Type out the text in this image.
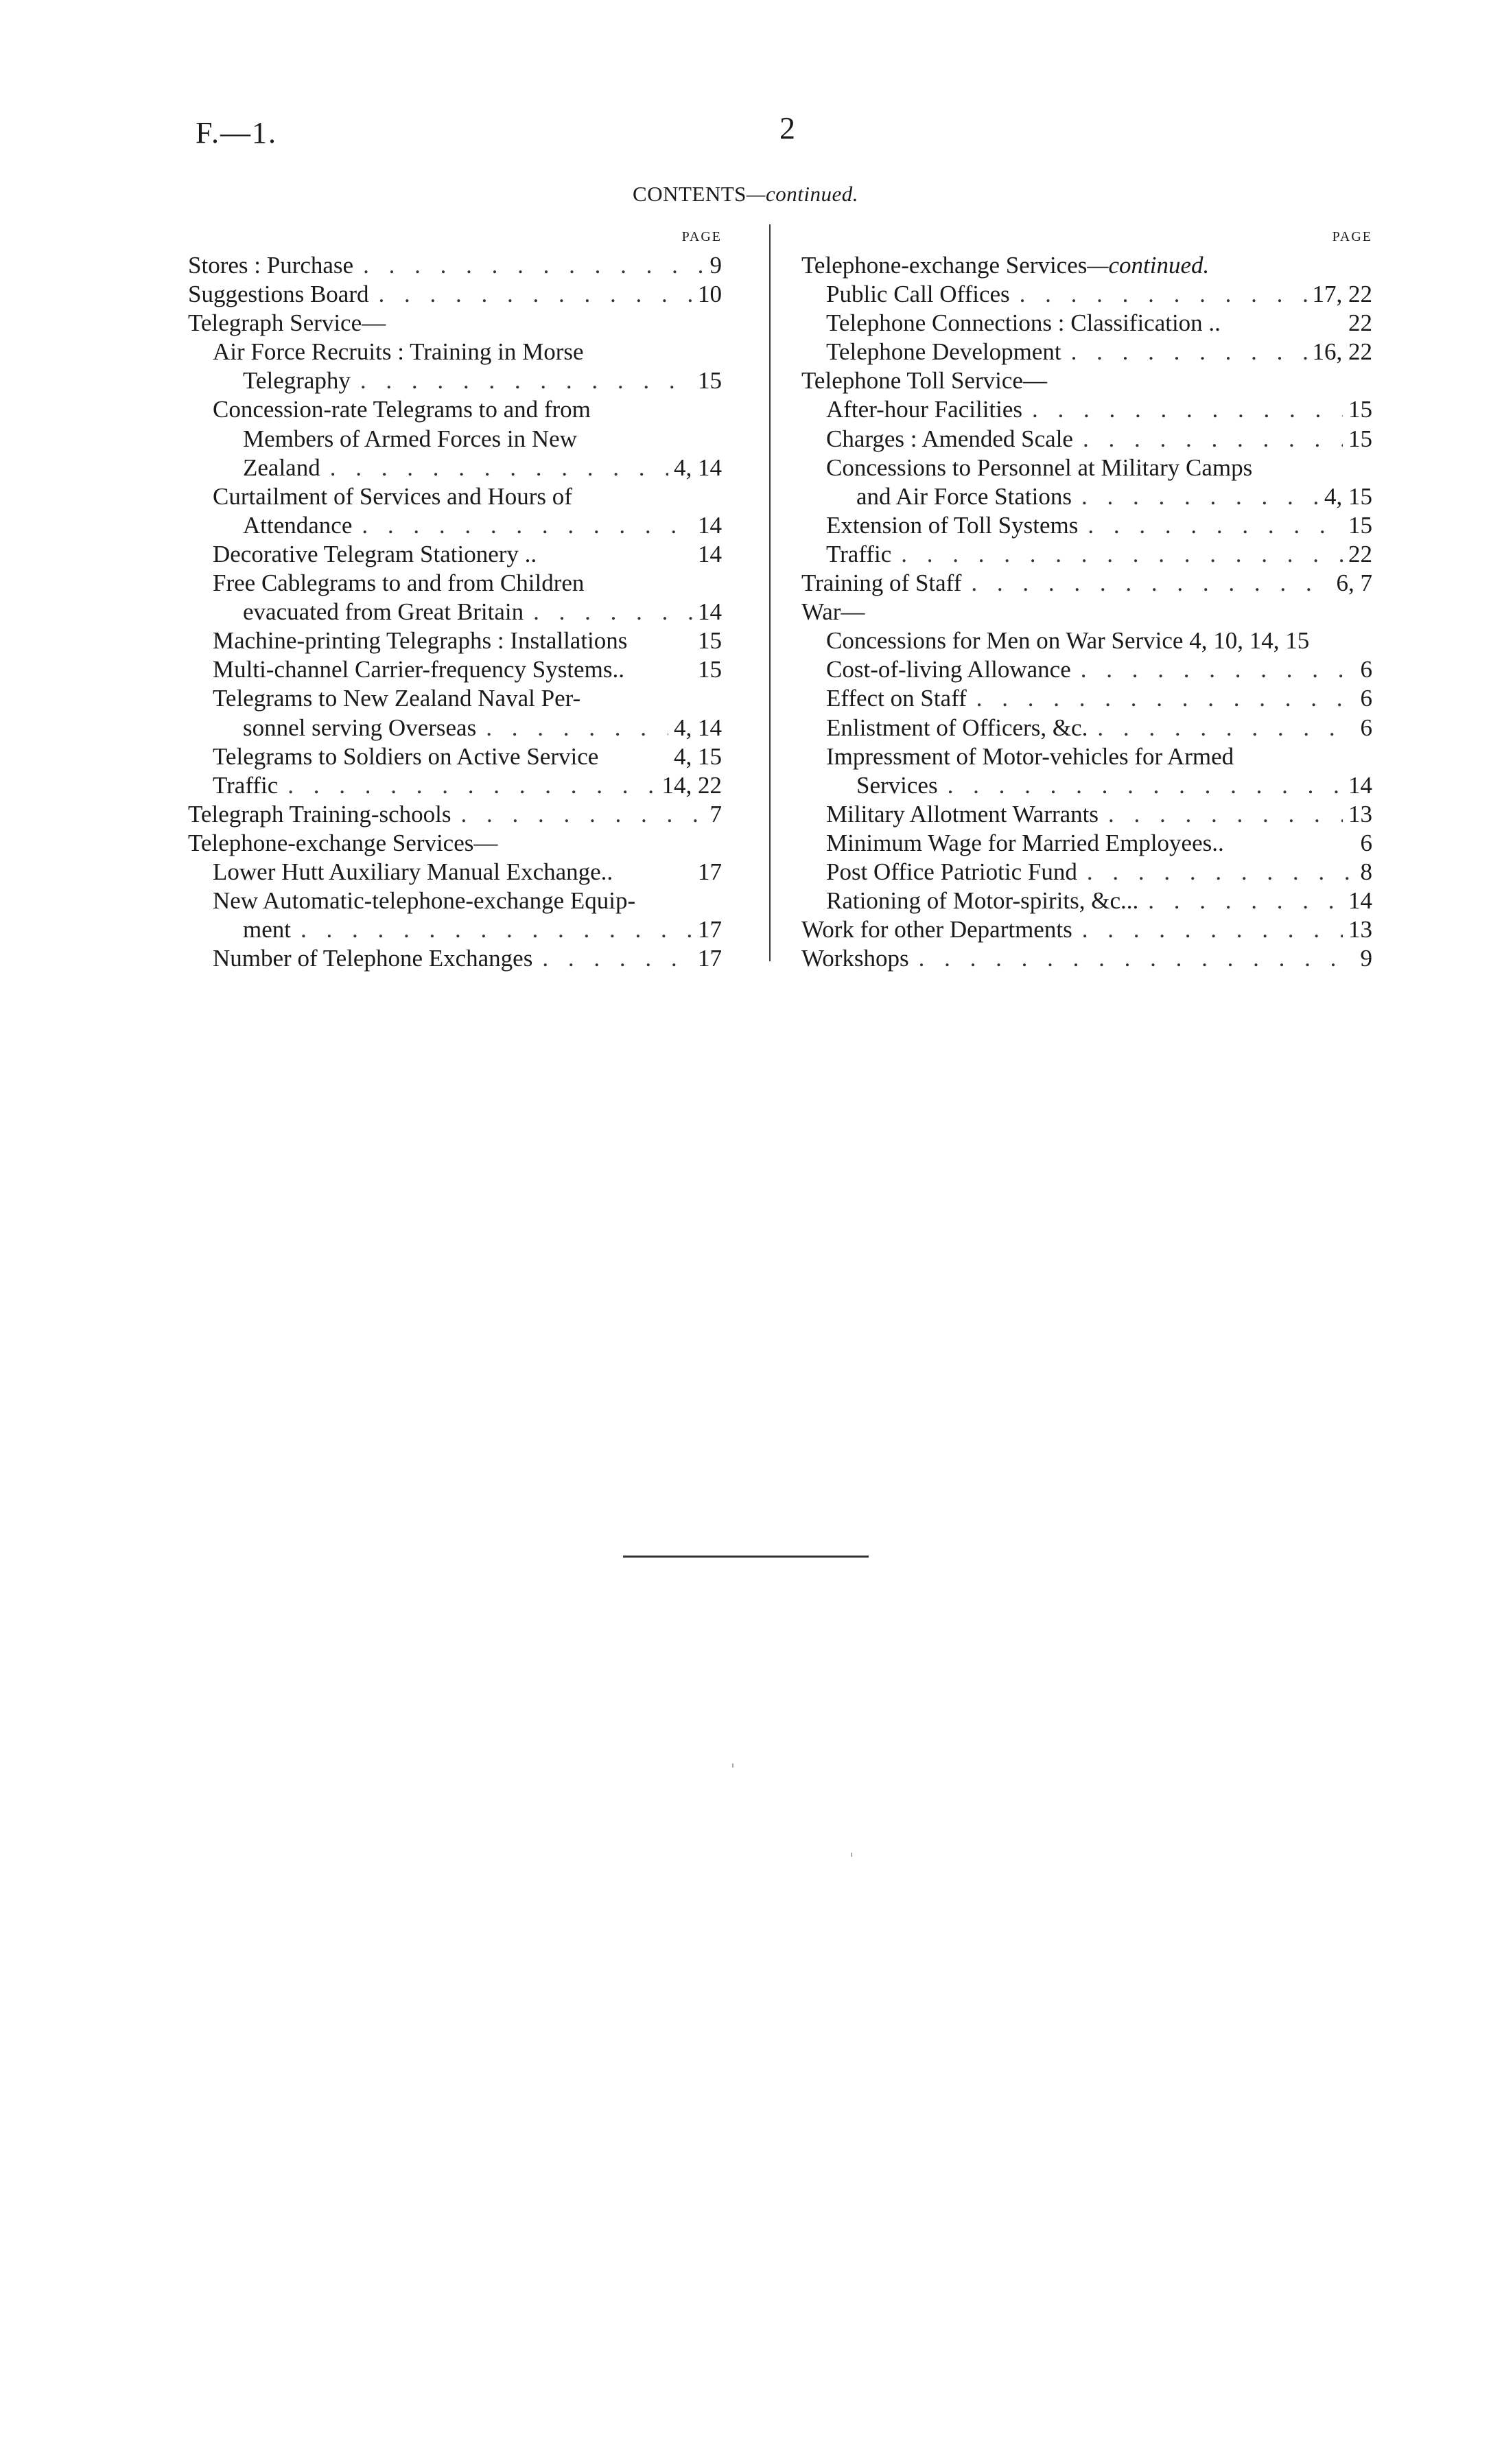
F.—1.	2
CONTENTS—continued.
PAGE
Stores : Purchase . . .	9
Suggestions Board . . .	10
Telegraph Service—
Air Force Recruits : Training in Morse
Telegraphy . . .	15
Concession-rate Telegrams to and from
Members of Armed Forces in New
Zealand . . .	4, 14
Curtailment of Services and Hours of
Attendance . . .	14
Decorative Telegram Stationery ..	14
Free Cablegrams to and from Children
evacuated from Great Britain . . .	14
Machine-printing Telegraphs : Installations	15
Multi-channel Carrier-frequency Systems..	15
Telegrams to New Zealand Naval Per-
sonnel serving Overseas . . .	4, 14
Telegrams to Soldiers on Active Service	4, 15
Traffic . . .	14, 22
Telegraph Training-schools . . .	7
Telephone-exchange Services—
Lower Hutt Auxiliary Manual Exchange..	17
New Automatic-telephone-exchange Equip-
ment . . .	17
Number of Telephone Exchanges . . .	17
PAGE
Telephone-exchange Services —continued.
Public Call Offices . . .	17, 22
Telephone Connections : Classification ..	22
Telephone Development . . .	16, 22
Telephone Toll Service—
After-hour Facilities . . .	15
Charges : Amended Scale . . .	15
Concessions to Personnel at Military Camps
and Air Force Stations . . .	4, 15
Extension of Toll Systems . . .	15
Traffic . . .	22
Training of Staff . . .	6, 7
War—
Concessions for Men on War Service 4, 10, 14, 15
Cost-of-living Allowance . . .	6
Effect on Staff . . .	6
Enlistment of Officers, &c. . . .	6
Impressment of Motor-vehicles for Armed
Services . . .	14
Military Allotment Warrants . . .	13
Minimum Wage for Married Employees..	6
Post Office Patriotic Fund . . .	8
Rationing of Motor-spirits, &c... . . .	14
Work for other Departments . . .	13
Workshops . . .	9
